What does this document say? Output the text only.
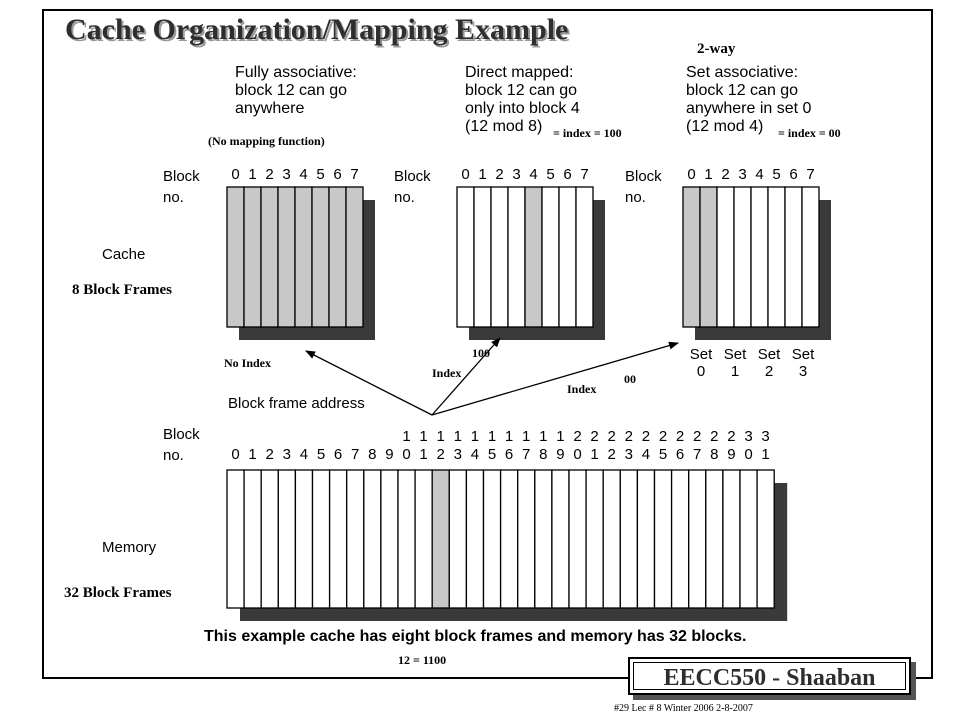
Cache Organization/Mapping Example
2-way
Fully associative:
block 12 can go
anywhere
(No mapping function)
Direct mapped:
block 12 can go
only into block 4
(12 mod 8) = index = 100
Set associative:
block 12 can go
anywhere in set 0
(12 mod 4)	= index = 00
Block
no.
Block
no.
Block
no.
Block
no.
Cache
8 Block Frames
0 1 2 3 4 5 6 7	0 1 2 3 4 5 6 7	0 1 2 3 4 5 6 7
Set
0
Set
1
Set
2
Set
3
No Index
100
Index
Index
00
Block frame address
1 1 1 1 1 1 1 1 1 1 2 2 2 2 2 2 2 2 2 2 3 3
0 1 2 3 4 5 6 7 8 9 0 1 2 3 4 5 6 7 8 9 0 1 2 3 4 5 6 7 8 9 0 1
Memory
32 Block Frames
This example cache has eight block frames and memory has 32 blocks.
12 = 1100
EECC550 - Shaaban
#29 Lec # 8 Winter 2006 2-8-2007
